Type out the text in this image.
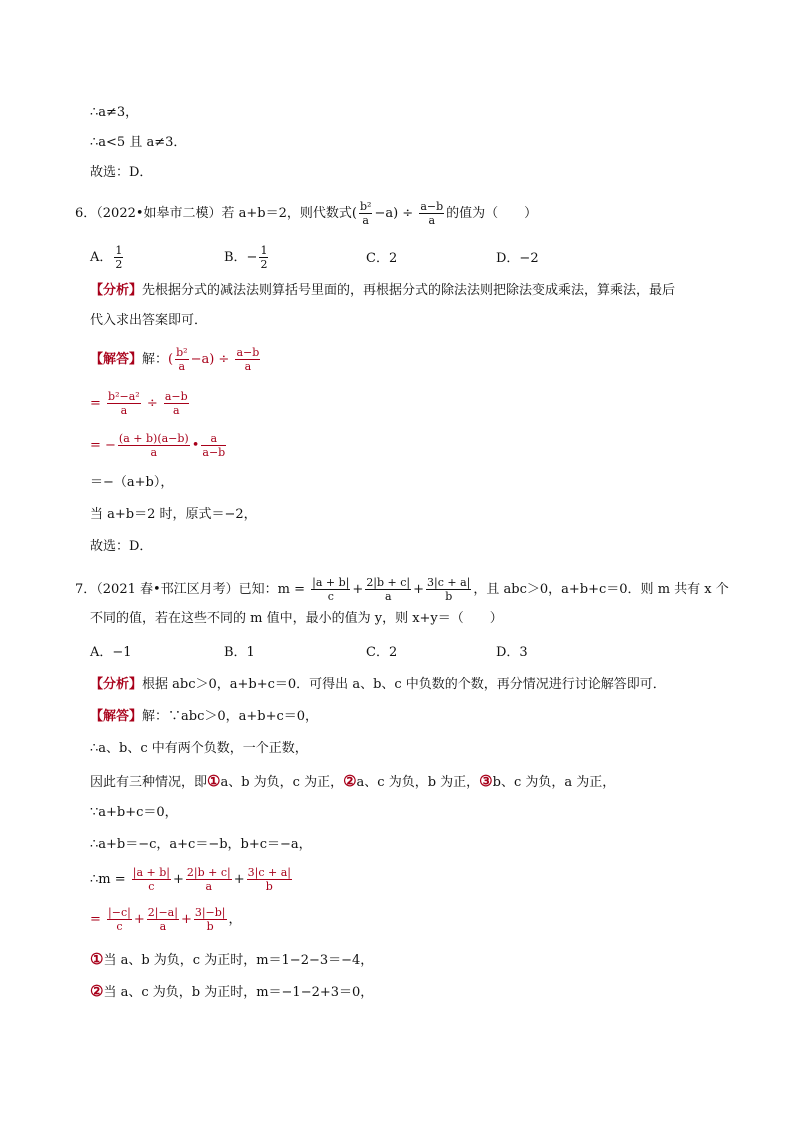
∴a≠3，
∴a<5 且 a≠3．
故选：D．
6．（2022•如皋市二模）若 a+b＝2，则代数式( $\frac{\text{b²}}{a} -a) \div \frac{a-b}{a}$ 的值为（　　）
A． $\frac{1}{2}$	B．− $\frac{1}{2}$	C．2	D．−2
【分析】先根据分式的减法法则算括号里面的，再根据分式的除法法则把除法变成乘法，算乘法，最后
代入求出答案即可．
【解答】解：( $\frac{\text{b²}}{a} -a) \div \frac{a-b}{a}$
= $\frac{\text{b²−a²}}{a} \div \frac{a-b}{a}$
= − $\frac{(a + b)(a-b)}{a}$ • $\frac{a}{a-b}$
＝−（a+b），
当 a+b＝2 时，原式＝−2，
故选：D．
7．（2021 春•邗江区月考）已知：$m = \frac{|a + b|}{c} + \frac{2|b + c|}{a} + \frac{3|c + a|}{b}$ ，且 abc＞0，a+b+c＝0．则 m 共有 x 个
不同的值，若在这些不同的 m 值中，最小的值为 y，则 x+y＝（　　）
A．−1	B．1	C．2	D．3
【分析】根据 abc＞0，a+b+c＝0．可得出 a、b、c 中负数的个数，再分情况进行讨论解答即可．
【解答】解：∵abc＞0，a+b+c＝0，
∴a、b、c 中有两个负数，一个正数，
因此有三种情况，即①a、b 为负，c 为正，②a、c 为负，b 为正，③b、c 为负，a 为正，
∵a+b+c＝0，
∴a+b＝−c，a+c＝−b，b+c＝−a，
∴m = $\frac{|a + b|}{c} + \frac{2|b + c|}{a} + \frac{3|c + a|}{b}$
= $\frac{|-c|}{c} + \frac{2|-a|}{a} + \frac{3|-b|}{b}$ ，
①当 a、b 为负，c 为正时，m＝1−2−3＝−4，
②当 a、c 为负，b 为正时，m＝−1−2+3＝0，
